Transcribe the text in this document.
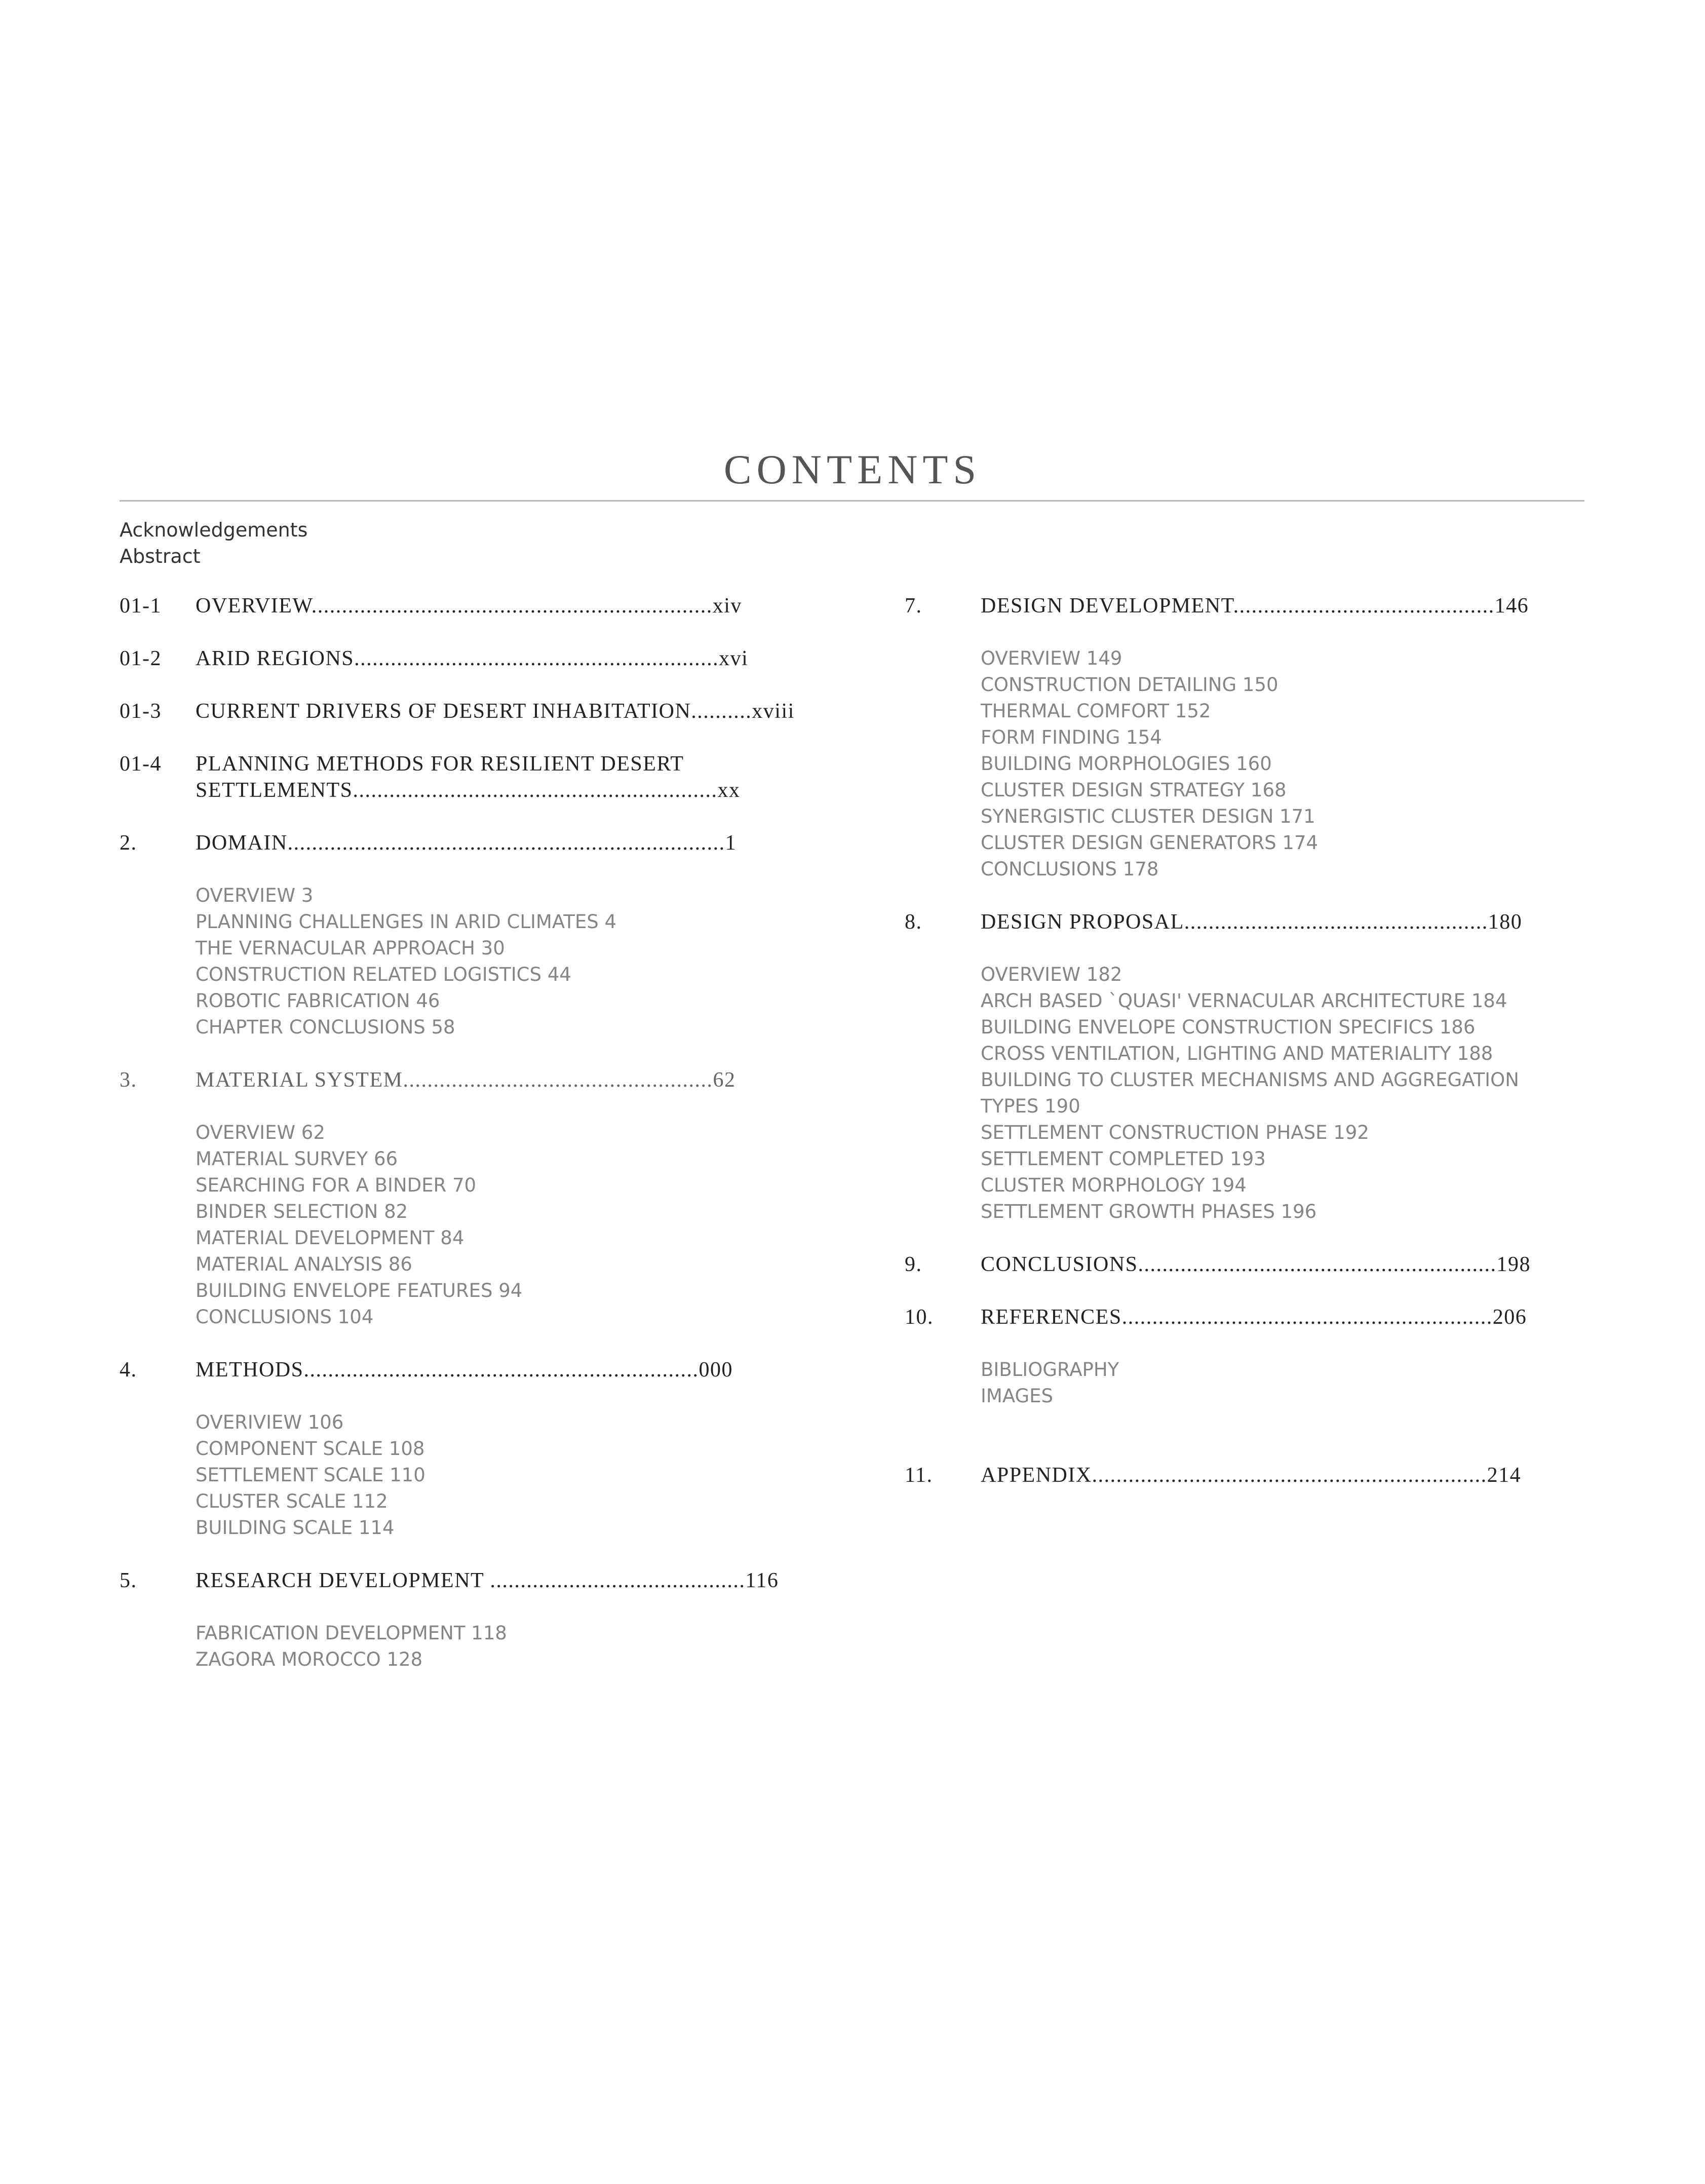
CONTENTS
Acknowledgements
Abstract
01-1	OVERVIEW..................................................................xiv
01-2	ARID REGIONS............................................................xvi
01-3	CURRENT DRIVERS OF DESERT INHABITATION..........xviii
01-4	PLANNING METHODS FOR RESILIENT DESERT
SETTLEMENTS............................................................xx
2.	DOMAIN........................................................................1
OVERVIEW 3
PLANNING CHALLENGES IN ARID CLIMATES 4
THE VERNACULAR APPROACH 30
CONSTRUCTION RELATED LOGISTICS 44
ROBOTIC FABRICATION 46
CHAPTER CONCLUSIONS 58
3.	MATERIAL SYSTEM...................................................62
OVERVIEW 62
MATERIAL SURVEY 66
SEARCHING FOR A BINDER 70
BINDER SELECTION 82
MATERIAL DEVELOPMENT 84
MATERIAL ANALYSIS 86
BUILDING ENVELOPE FEATURES 94
CONCLUSIONS 104
4.	METHODS.................................................................000
OVERIVIEW 106
COMPONENT SCALE 108
SETTLEMENT SCALE 110
CLUSTER SCALE 112
BUILDING SCALE 114
5.	RESEARCH DEVELOPMENT ..........................................116
FABRICATION DEVELOPMENT 118
ZAGORA MOROCCO 128
7.	DESIGN DEVELOPMENT...........................................146
OVERVIEW 149
CONSTRUCTION DETAILING 150
THERMAL COMFORT 152
FORM FINDING 154
BUILDING MORPHOLOGIES 160
CLUSTER DESIGN STRATEGY 168
SYNERGISTIC CLUSTER DESIGN 171
CLUSTER DESIGN GENERATORS 174
CONCLUSIONS 178
8.	DESIGN PROPOSAL..................................................180
OVERVIEW 182
ARCH BASED `QUASI' VERNACULAR ARCHITECTURE 184
BUILDING ENVELOPE CONSTRUCTION SPECIFICS 186
CROSS VENTILATION, LIGHTING AND MATERIALITY 188
BUILDING TO CLUSTER MECHANISMS AND AGGREGATION
TYPES 190
SETTLEMENT CONSTRUCTION PHASE 192
SETTLEMENT COMPLETED 193
CLUSTER MORPHOLOGY 194
SETTLEMENT GROWTH PHASES 196
9.	CONCLUSIONS...........................................................198
10.	REFERENCES.............................................................206
BIBLIOGRAPHY
IMAGES
11.	APPENDIX.................................................................214
